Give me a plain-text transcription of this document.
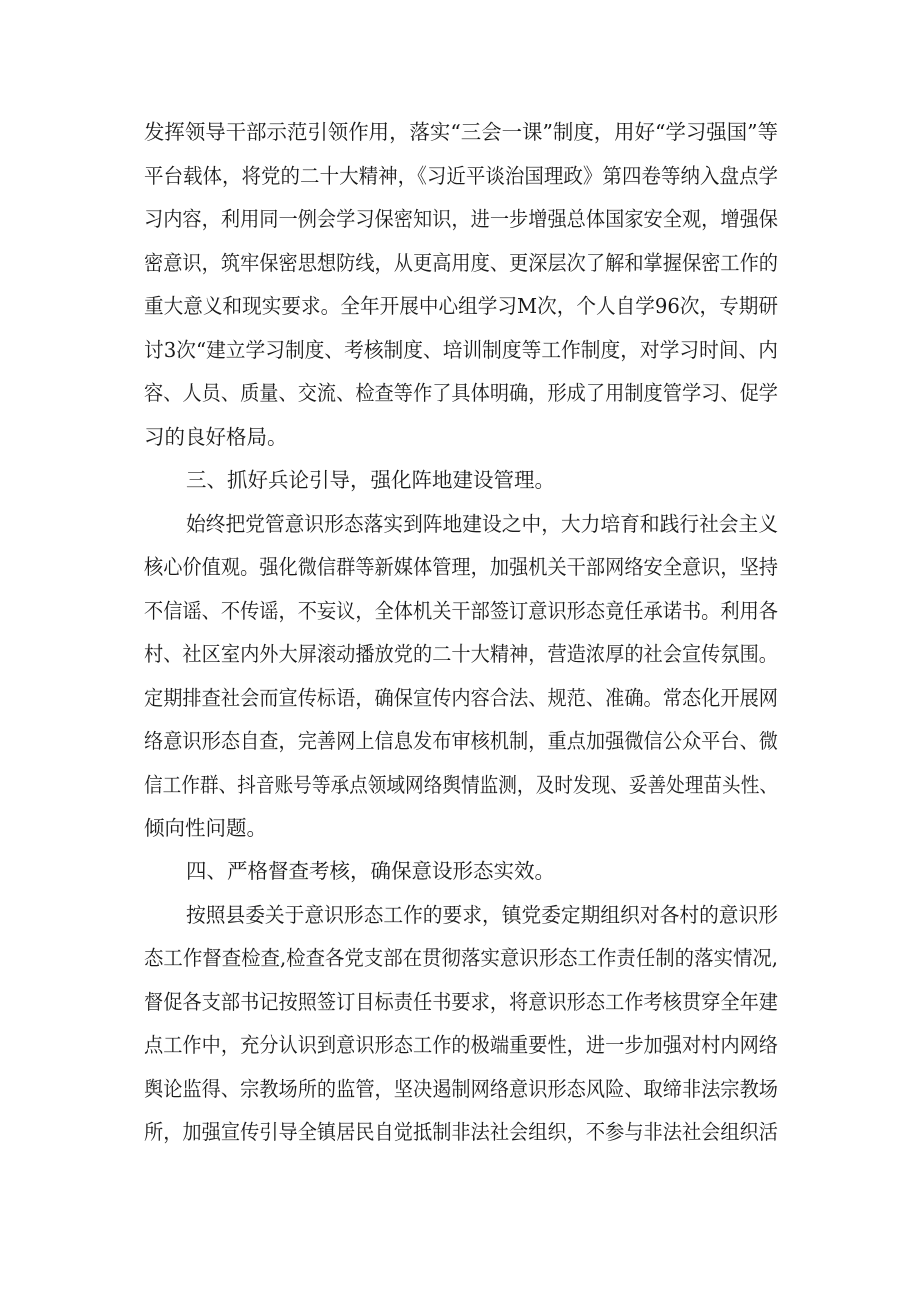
发挥领导干部示范引领作用，落实“三会一课”制度，用好“学习强国”等
平台载体，将党的二十大精神，《习近平谈治国理政》第四卷等纳入盘点学
习内容，利用同一例会学习保密知识，进一步增强总体国家安全观，增强保
密意识，筑牢保密思想防线，从更高用度、更深层次了解和掌握保密工作的
重大意义和现实要求。全年开展中心组学习M次，个人自学96次，专期研
讨3次“建立学习制度、考核制度、培训制度等工作制度，对学习时间、内
容、人员、质量、交流、检查等作了具体明确，形成了用制度管学习、促学
习的良好格局。
三、抓好兵论引导，强化阵地建设管理。
始终把党管意识形态落实到阵地建设之中，大力培育和践行社会主义
核心价值观。强化微信群等新媒体管理，加强机关干部网络安全意识，坚持
不信谣、不传谣，不妄议，全体机关干部签订意识形态竟任承诺书。利用各
村、社区室内外大屏滚动播放党的二十大精神，营造浓厚的社会宣传氛围。
定期排查社会而宣传标语，确保宣传内容合法、规范、准确。常态化开展网
络意识形态自查，完善网上信息发布审核机制，重点加强微信公众平台、微
信工作群、抖音账号等承点领域网络舆情监测，及时发现、妥善处理苗头性、
倾向性问题。
四、严格督查考核，确保意设形态实效。
按照县委关于意识形态工作的要求，镇党委定期组织对各村的意识形
态工作督查检查,检查各党支部在贯彻落实意识形态工作责任制的落实情况,
督促各支部书记按照签订目标责任书要求，将意识形态工作考核贯穿全年建
点工作中，充分认识到意识形态工作的极端重要性，进一步加强对村内网络
舆论监得、宗教场所的监管，坚决遏制网络意识形态风险、取缔非法宗教场
所，加强宣传引导全镇居民自觉抵制非法社会组织，不参与非法社会组织活
